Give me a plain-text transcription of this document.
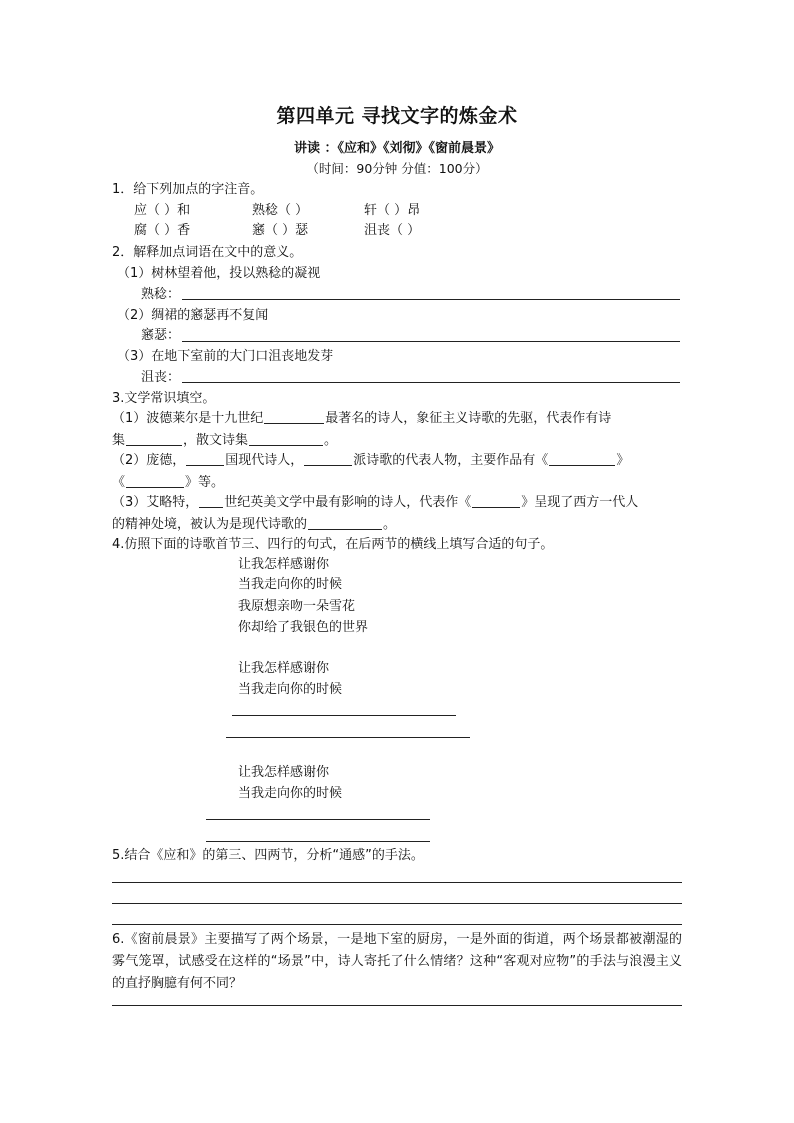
第四单元 寻找文字的炼金术
讲读 ：《应和》《刘彻》《窗前晨景》
（时间：90分钟 分值：100分）
1．给下列加点的字注音。
应（ ）和	熟稔（ ）	轩（ ）昂
腐（ ）香	窸（ ）瑟	沮丧（ ）
2．解释加点词语在文中的意义。
（1）树林望着他，投以熟稔的凝视
熟稔：
（2）绸裙的窸瑟再不复闻
窸瑟：
（3）在地下室前的大门口沮丧地发芽
沮丧：
3.文学常识填空。
（1）波德莱尔是十九世纪	最著名的诗人，象征主义诗歌的先驱，代表作有诗
集	，散文诗集	。
（2）庞德，	国现代诗人，	派诗歌的代表人物，主要作品有《	》
《	》等。
（3）艾略特， 世纪英美文学中最有影响的诗人，代表作《	》呈现了西方一代人
的精神处境，被认为是现代诗歌的	。
4.仿照下面的诗歌首节三、四行的句式，在后两节的横线上填写合适的句子。
让我怎样感谢你
当我走向你的时候
我原想亲吻一朵雪花
你却给了我银色的世界
让我怎样感谢你
当我走向你的时候
让我怎样感谢你
当我走向你的时候
5.结合《应和》的第三、四两节，分析“通感”的手法。
6.《窗前晨景》主要描写了两个场景，一是地下室的厨房，一是外面的街道，两个场景都被潮湿的雾气笼罩，试感受在这样的“场景”中，诗人寄托了什么情绪？这种“客观对应物”的手法与浪漫主义的直抒胸臆有何不同？
